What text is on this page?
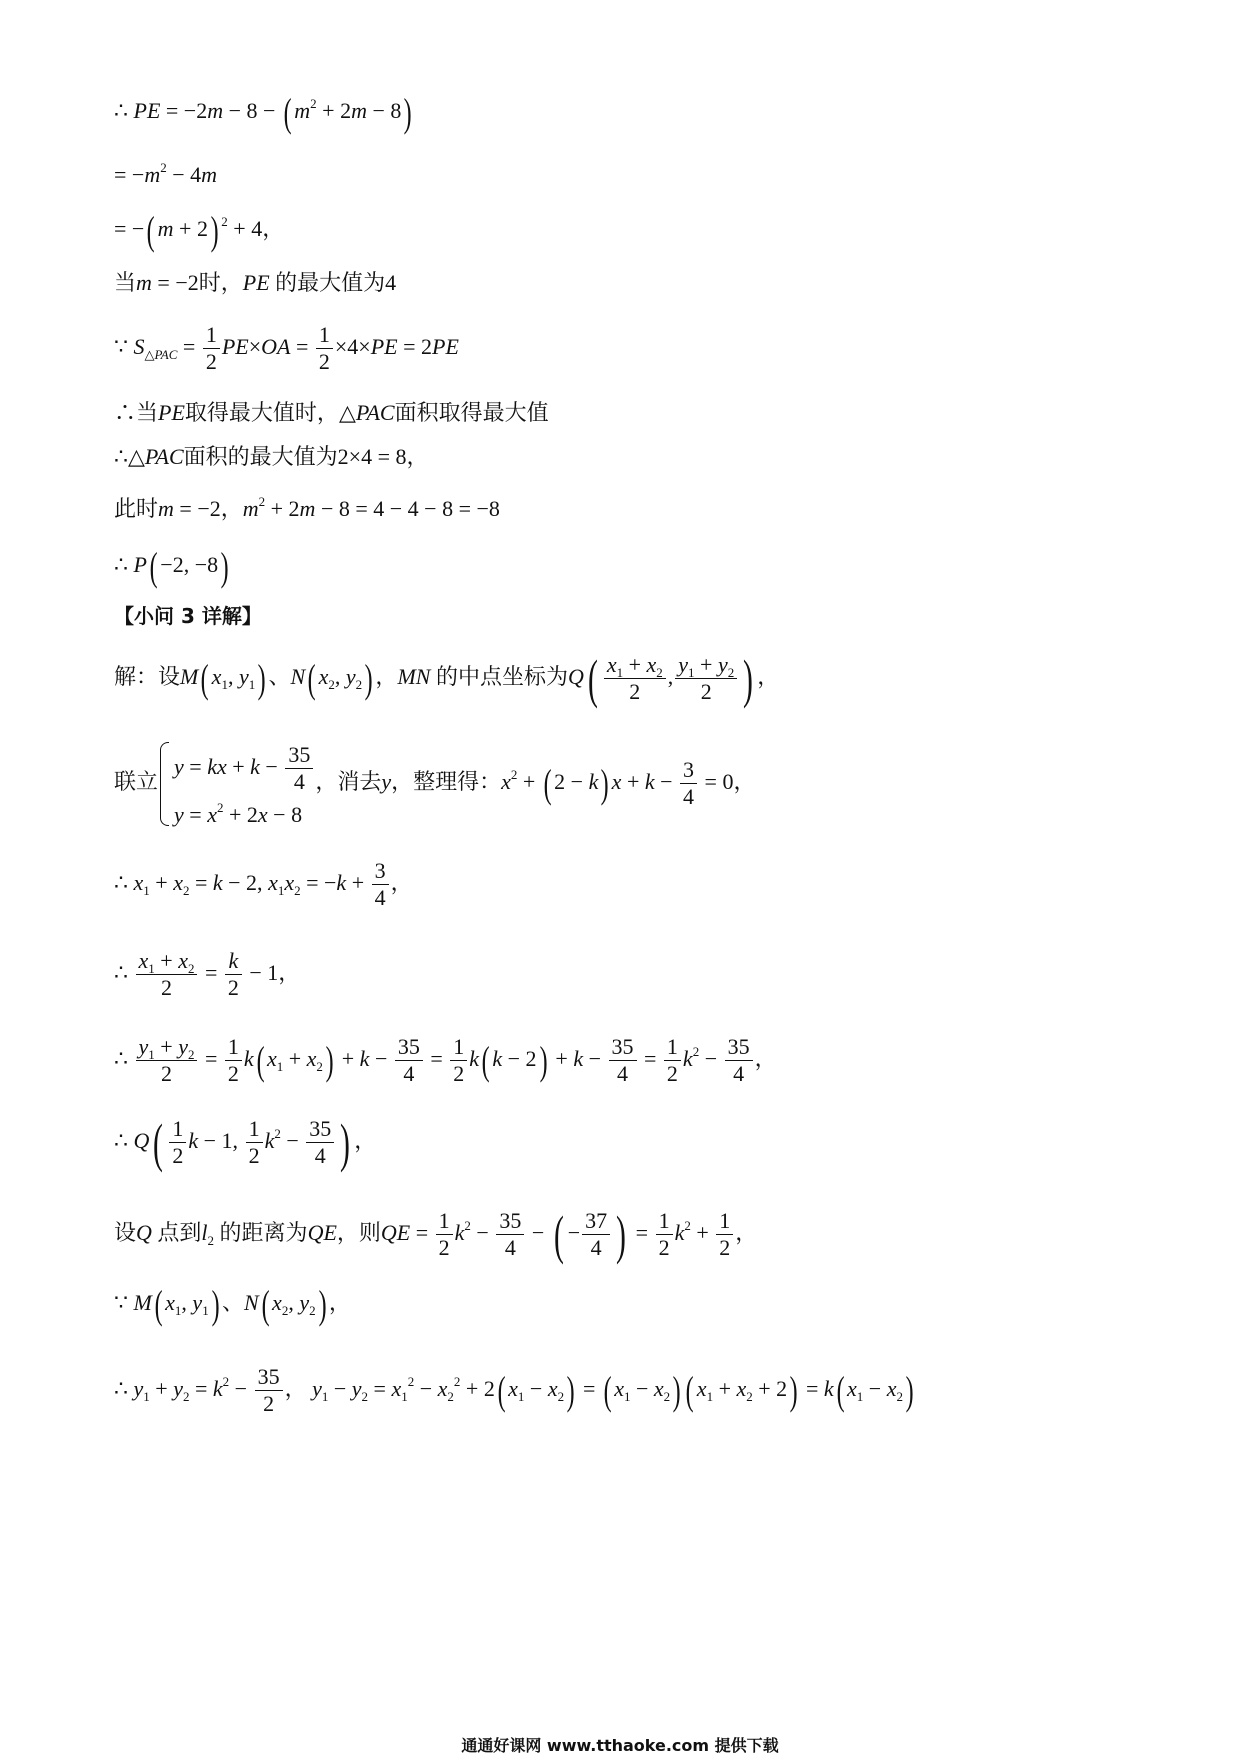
∴ PE = −2m − 8 − ( $m^2 + 2m - 8$)
= $-m^2 - 4m$
= −( m + 2) $^2$ + 4，
当m = −2时，PE 的最大值为4
∵ $S_{\triangle PAC} = \frac{1}{2} PE\times OA = \frac{1}{2} \times 4\times PE = 2PE$
∴当PE取得最大值时，△PAC面积取得最大值
∴△PAC面积的最大值为2×4 = 8，
此时m = −2，$m^2 + 2m - 8 = 4 - 4 - 8 = -8$
∴ P( −2, −8)
【小问 3 详解】
解：设M( $x_1$, $y_1$) 、N( $x_2$, $y_2$) ，MN 的中点坐标为$Q( \frac{x_1 + x_2}{2}$ , $\frac{y_1 + y_2}{2}$ ) ，
联立
y = kx + $k - \frac{35}{4}$
$y = x^2 + 2x - 8$
，消去y，整理得：$x^2$ + ( 2 − k) $x + k - \frac{3}{4} = 0$，
∴ $x_1 + x_2 = k - 2$, $x_1x_2 = -k + \frac{3}{4}$ ，
∴ $\frac{x_1 + x_2}{2} = \frac{k}{2} - 1$，
∴ $\frac{y_1 + y_2}{2} = \frac{1}{2} k$( $x_1 + x_2) + k - \frac{35}{4} = \frac{1}{2} k$( $k - 2) + k - \frac{35}{4} = \frac{1}{2} k^2 - \frac{35}{4}$ ，
∴ $Q( \frac{1}{2}$ k − 1, $\frac{1}{2} k^2 - \frac{35}{4}$ ) ，
设Q 点到$l_2$ 的距离为QE，则QE = $\frac{1}{2} k^2 - \frac{35}{4}$ − ( − $\frac{37}{4}$ ) = $\frac{1}{2} k^2 + \frac{1}{2}$ ，
∵ M( $x_1$, $y_1$) 、N( $x_2$, $y_2$) ，
∴ $y_1 + y_2 = k^2 - \frac{35}{2}$ ， $y_1 - y_2 = x_1^2 - x_2^2 + 2$( $x_1 - x_2$) = ( $x_1 - x_2$) ( $x_1 + x_2 + 2) = k$( $x_1 - x_2$)
通通好课网 www.tthaoke.com 提供下载
